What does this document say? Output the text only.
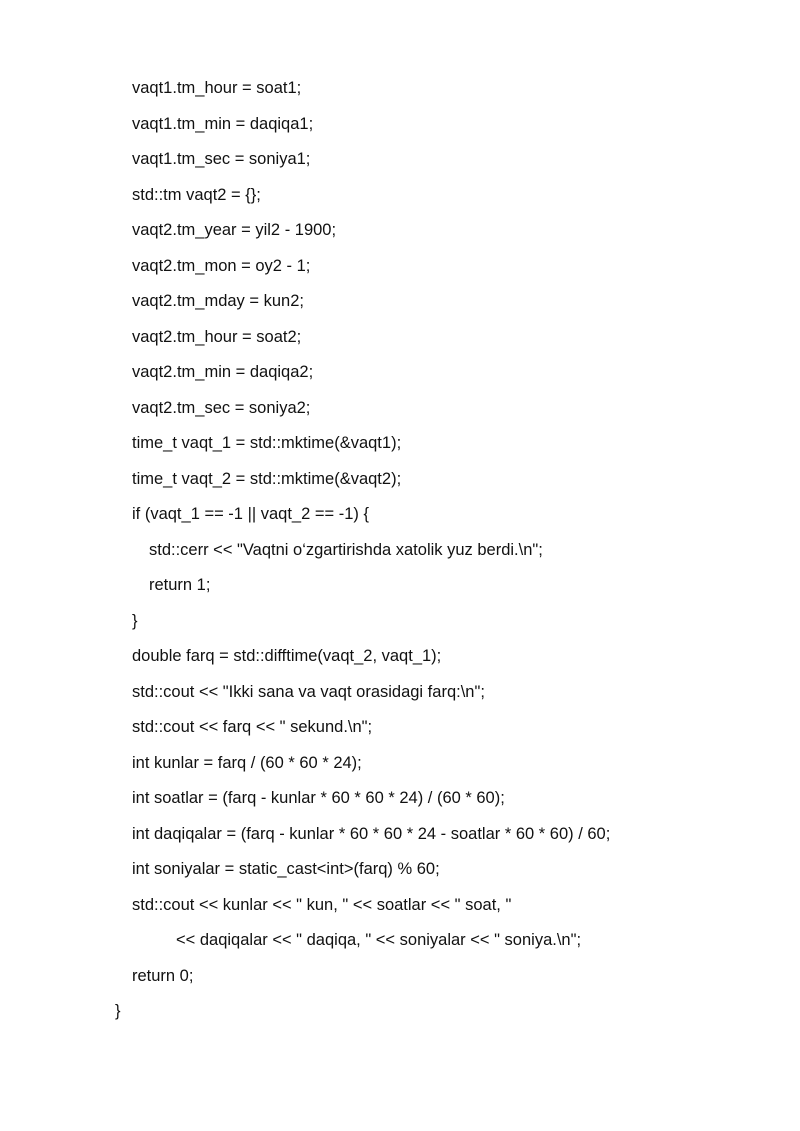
vaqt1.tm_hour = soat1;

vaqt1.tm_min = daqiqa1;

vaqt1.tm_sec = soniya1;

std::tm vaqt2 = {};

vaqt2.tm_year = yil2 - 1900;

vaqt2.tm_mon = oy2 - 1;

vaqt2.tm_mday = kun2;

vaqt2.tm_hour = soat2;

vaqt2.tm_min = daqiqa2;

vaqt2.tm_sec = soniya2;

time_t vaqt_1 = std::mktime(&vaqt1);

time_t vaqt_2 = std::mktime(&vaqt2);

if (vaqt_1 == -1 || vaqt_2 == -1) {

std::cerr << "Vaqtni o‘zgartirishda xatolik yuz berdi.\n";

return 1;

}

double farq = std::difftime(vaqt_2, vaqt_1);

std::cout << "Ikki sana va vaqt orasidagi farq:\n";

std::cout << farq << " sekund.\n";

int kunlar = farq / (60 * 60 * 24);

int soatlar = (farq - kunlar * 60 * 60 * 24) / (60 * 60);

int daqiqalar = (farq - kunlar * 60 * 60 * 24 - soatlar * 60 * 60) / 60;

int soniyalar = static_cast<int>(farq) % 60;

std::cout << kunlar << " kun, " << soatlar << " soat, "

<< daqiqalar << " daqiqa, " << soniyalar << " soniya.\n";

return 0;

}
